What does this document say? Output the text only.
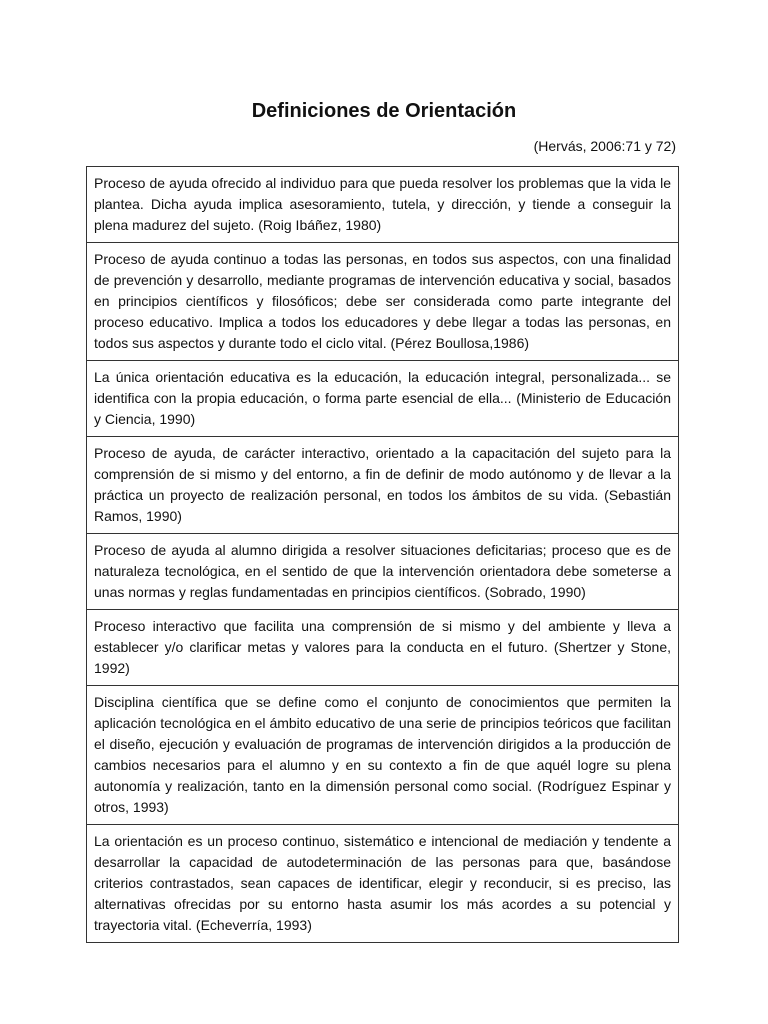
Definiciones de Orientación
(Hervás, 2006:71 y 72)
Proceso de ayuda ofrecido al individuo para que pueda resolver los problemas que la vida le plantea. Dicha ayuda implica asesoramiento, tutela, y dirección, y tiende a conseguir la plena madurez del sujeto. (Roig Ibáñez, 1980)
Proceso de ayuda continuo a todas las personas, en todos sus aspectos, con una finalidad de prevención y desarrollo, mediante programas de intervención educativa y social, basados en principios científicos y filosóficos; debe ser considerada como parte integrante del proceso educativo. Implica a todos los educadores y debe llegar a todas las personas, en todos sus aspectos y durante todo el ciclo vital. (Pérez Boullosa,1986)
La única orientación educativa es la educación, la educación integral, personalizada... se identifica con la propia educación, o forma parte esencial de ella... (Ministerio de Educación y Ciencia, 1990)
Proceso de ayuda, de carácter interactivo, orientado a la capacitación del sujeto para la comprensión de si mismo y del entorno, a fin de definir de modo autónomo y de llevar a la práctica un proyecto de realización personal, en todos los ámbitos de su vida. (Sebastián Ramos, 1990)
Proceso de ayuda al alumno dirigida a resolver situaciones deficitarias; proceso que es de naturaleza tecnológica, en el sentido de que la intervención orientadora debe someterse a unas normas y reglas fundamentadas en principios científicos. (Sobrado, 1990)
Proceso interactivo que facilita una comprensión de si mismo y del ambiente y lleva a establecer y/o clarificar metas y valores para la conducta en el futuro. (Shertzer y Stone, 1992)
Disciplina científica que se define como el conjunto de conocimientos que permiten la aplicación tecnológica en el ámbito educativo de una serie de principios teóricos que facilitan el diseño, ejecución y evaluación de programas de intervención dirigidos a la producción de cambios necesarios para el alumno y en su contexto a fin de que aquél logre su plena autonomía y realización, tanto en la dimensión personal como social. (Rodríguez Espinar y otros, 1993)
La orientación es un proceso continuo, sistemático e intencional de mediación y tendente a desarrollar la capacidad de autodeterminación de las personas para que, basándose criterios contrastados, sean capaces de identificar, elegir y reconducir, si es preciso, las alternativas ofrecidas por su entorno hasta asumir los más acordes a su potencial y trayectoria vital. (Echeverría, 1993)
